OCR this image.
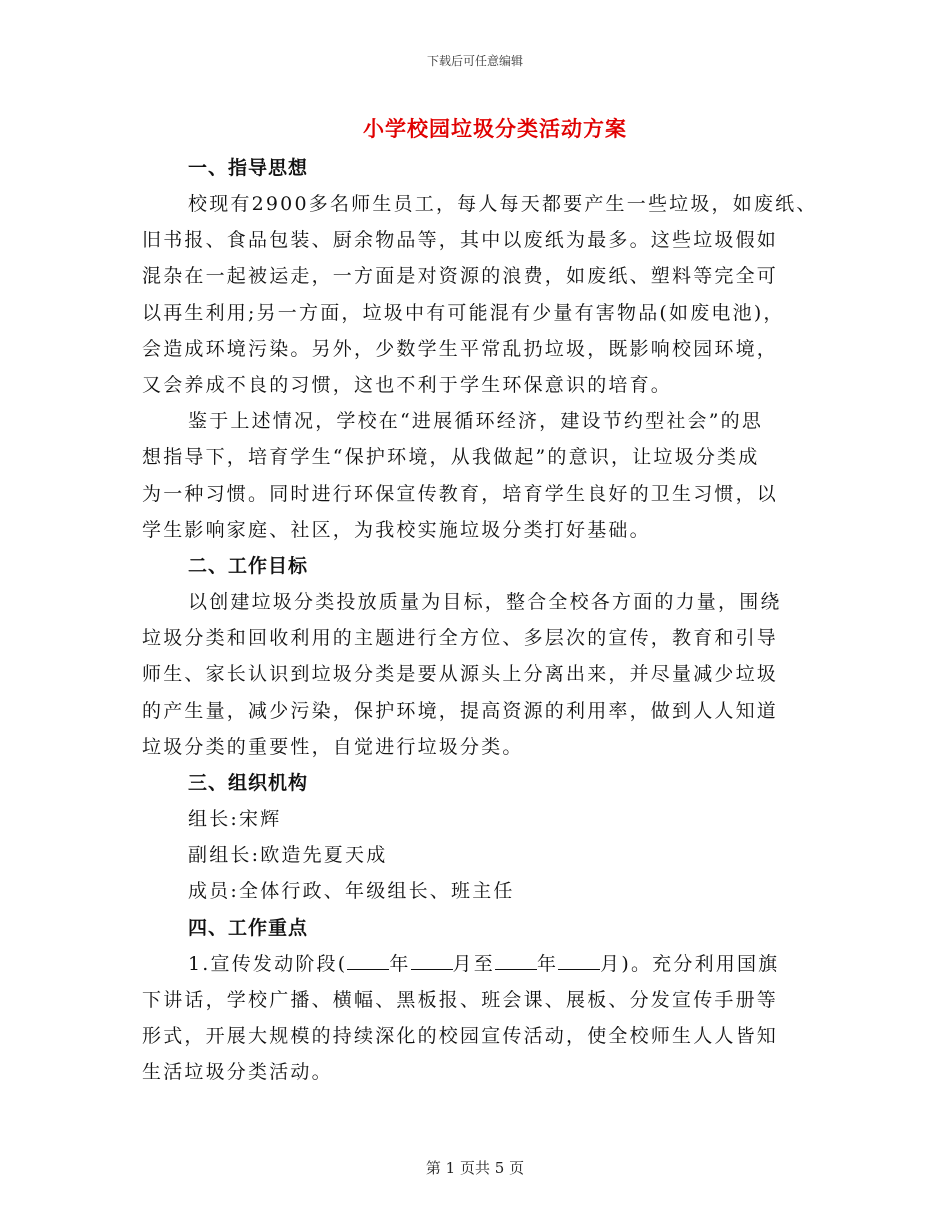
下载后可任意编辑
小学校园垃圾分类活动方案
一、指导思想
校现有2900多名师生员工，每人每天都要产生一些垃圾，如废纸、
旧书报、食品包装、厨余物品等，其中以废纸为最多。这些垃圾假如
混杂在一起被运走，一方面是对资源的浪费，如废纸、塑料等完全可
以再生利用;另一方面，垃圾中有可能混有少量有害物品(如废电池)，
会造成环境污染。另外，少数学生平常乱扔垃圾，既影响校园环境，
又会养成不良的习惯，这也不利于学生环保意识的培育。
鉴于上述情况，学校在“进展循环经济，建设节约型社会”的思
想指导下，培育学生“保护环境，从我做起”的意识，让垃圾分类成
为一种习惯。同时进行环保宣传教育，培育学生良好的卫生习惯，以
学生影响家庭、社区，为我校实施垃圾分类打好基础。
二、工作目标
以创建垃圾分类投放质量为目标，整合全校各方面的力量，围绕
垃圾分类和回收利用的主题进行全方位、多层次的宣传，教育和引导
师生、家长认识到垃圾分类是要从源头上分离出来，并尽量减少垃圾
的产生量，减少污染，保护环境，提高资源的利用率，做到人人知道
垃圾分类的重要性，自觉进行垃圾分类。
三、组织机构
组长:宋辉
副组长:欧造先夏天成
成员:全体行政、年级组长、班主任
四、工作重点
1.宣传发动阶段( 年 月至 年 月)。充分利用国旗
下讲话，学校广播、横幅、黑板报、班会课、展板、分发宣传手册等
形式，开展大规模的持续深化的校园宣传活动，使全校师生人人皆知
生活垃圾分类活动。
第 1 页共 5 页
